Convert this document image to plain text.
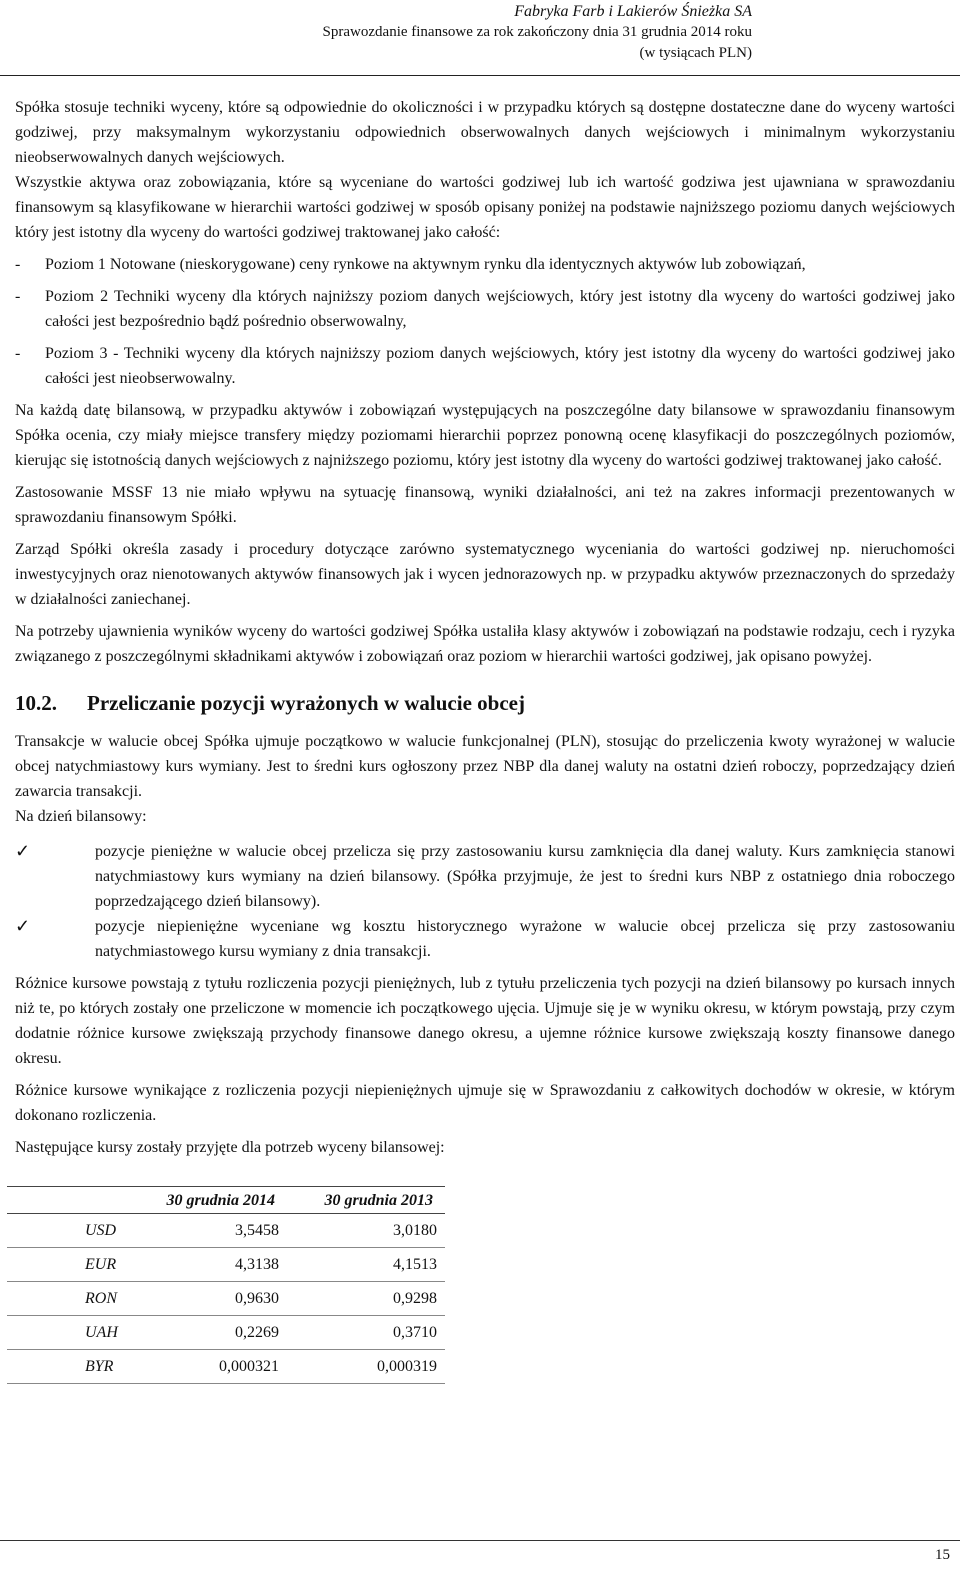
Fabryka Farb i Lakierów Śnieżka SA
Sprawozdanie finansowe za rok zakończony dnia 31 grudnia 2014 roku
(w tysiącach PLN)

Spółka stosuje techniki wyceny, które są odpowiednie do okoliczności i w przypadku których są dostępne dostateczne dane do wyceny wartości godziwej, przy maksymalnym wykorzystaniu odpowiednich obserwowalnych danych wejściowych i minimalnym wykorzystaniu nieobserwowalnych danych wejściowych.

Wszystkie aktywa oraz zobowiązania, które są wyceniane do wartości godziwej lub ich wartość godziwa jest ujawniana w sprawozdaniu finansowym są klasyfikowane w hierarchii wartości godziwej w sposób opisany poniżej na podstawie najniższego poziomu danych wejściowych który jest istotny dla wyceny do wartości godziwej traktowanej jako całość:

-	Poziom 1 Notowane (nieskorygowane) ceny rynkowe na aktywnym rynku dla identycznych aktywów lub zobowiązań,
-	Poziom 2 Techniki wyceny dla których najniższy poziom danych wejściowych, który jest istotny dla wyceny do wartości godziwej jako całości jest bezpośrednio bądź pośrednio obserwowalny,
-	Poziom 3 - Techniki wyceny dla których najniższy poziom danych wejściowych, który jest istotny dla wyceny do wartości godziwej jako całości jest nieobserwowalny.

Na każdą datę bilansową, w przypadku aktywów i zobowiązań występujących na poszczególne daty bilansowe w sprawozdaniu finansowym Spółka ocenia, czy miały miejsce transfery między poziomami hierarchii poprzez ponowną ocenę klasyfikacji do poszczególnych poziomów, kierując się istotnością danych wejściowych z najniższego poziomu, który jest istotny dla wyceny do wartości godziwej traktowanej jako całość.

Zastosowanie MSSF 13 nie miało wpływu na sytuację finansową, wyniki działalności, ani też na zakres informacji prezentowanych w sprawozdaniu finansowym Spółki.

Zarząd Spółki określa zasady i procedury dotyczące zarówno systematycznego wyceniania do wartości godziwej np. nieruchomości inwestycyjnych oraz nienotowanych aktywów finansowych jak i wycen jednorazowych np. w przypadku aktywów przeznaczonych do sprzedaży w działalności zaniechanej.

Na potrzeby ujawnienia wyników wyceny do wartości godziwej Spółka ustaliła klasy aktywów i zobowiązań na podstawie rodzaju, cech i ryzyka związanego z poszczególnymi składnikami aktywów i zobowiązań oraz poziom w hierarchii wartości godziwej, jak opisano powyżej.

10.2. Przeliczanie pozycji wyrażonych w walucie obcej

Transakcje w walucie obcej Spółka ujmuje początkowo w walucie funkcjonalnej (PLN), stosując do przeliczenia kwoty wyrażonej w walucie obcej natychmiastowy kurs wymiany. Jest to średni kurs ogłoszony przez NBP dla danej waluty na ostatni dzień roboczy, poprzedzający dzień zawarcia transakcji.

Na dzień bilansowy:

✓	pozycje pieniężne w walucie obcej przelicza się przy zastosowaniu kursu zamknięcia dla danej waluty. Kurs zamknięcia stanowi natychmiastowy kurs wymiany na dzień bilansowy. (Spółka przyjmuje, że jest to średni kurs NBP z ostatniego dnia roboczego poprzedzającego dzień bilansowy).
✓	pozycje niepieniężne wyceniane wg kosztu historycznego wyrażone w walucie obcej przelicza się przy zastosowaniu natychmiastowego kursu wymiany z dnia transakcji.

Różnice kursowe powstają z tytułu rozliczenia pozycji pieniężnych, lub z tytułu przeliczenia tych pozycji na dzień bilansowy po kursach innych niż te, po których zostały one przeliczone w momencie ich początkowego ujęcia. Ujmuje się je w wyniku okresu, w którym powstają, przy czym dodatnie różnice kursowe zwiększają przychody finansowe danego okresu, a ujemne różnice kursowe zwiększają koszty finansowe danego okresu.

Różnice kursowe wynikające z rozliczenia pozycji niepieniężnych ujmuje się w Sprawozdaniu z całkowitych dochodów w okresie, w którym dokonano rozliczenia.

Następujące kursy zostały przyjęte dla potrzeb wyceny bilansowej:

	30 grudnia 2014	30 grudnia 2013
USD	3,5458	3,0180
EUR	4,3138	4,1513
RON	0,9630	0,9298
UAH	0,2269	0,3710
BYR	0,000321	0,000319
15
